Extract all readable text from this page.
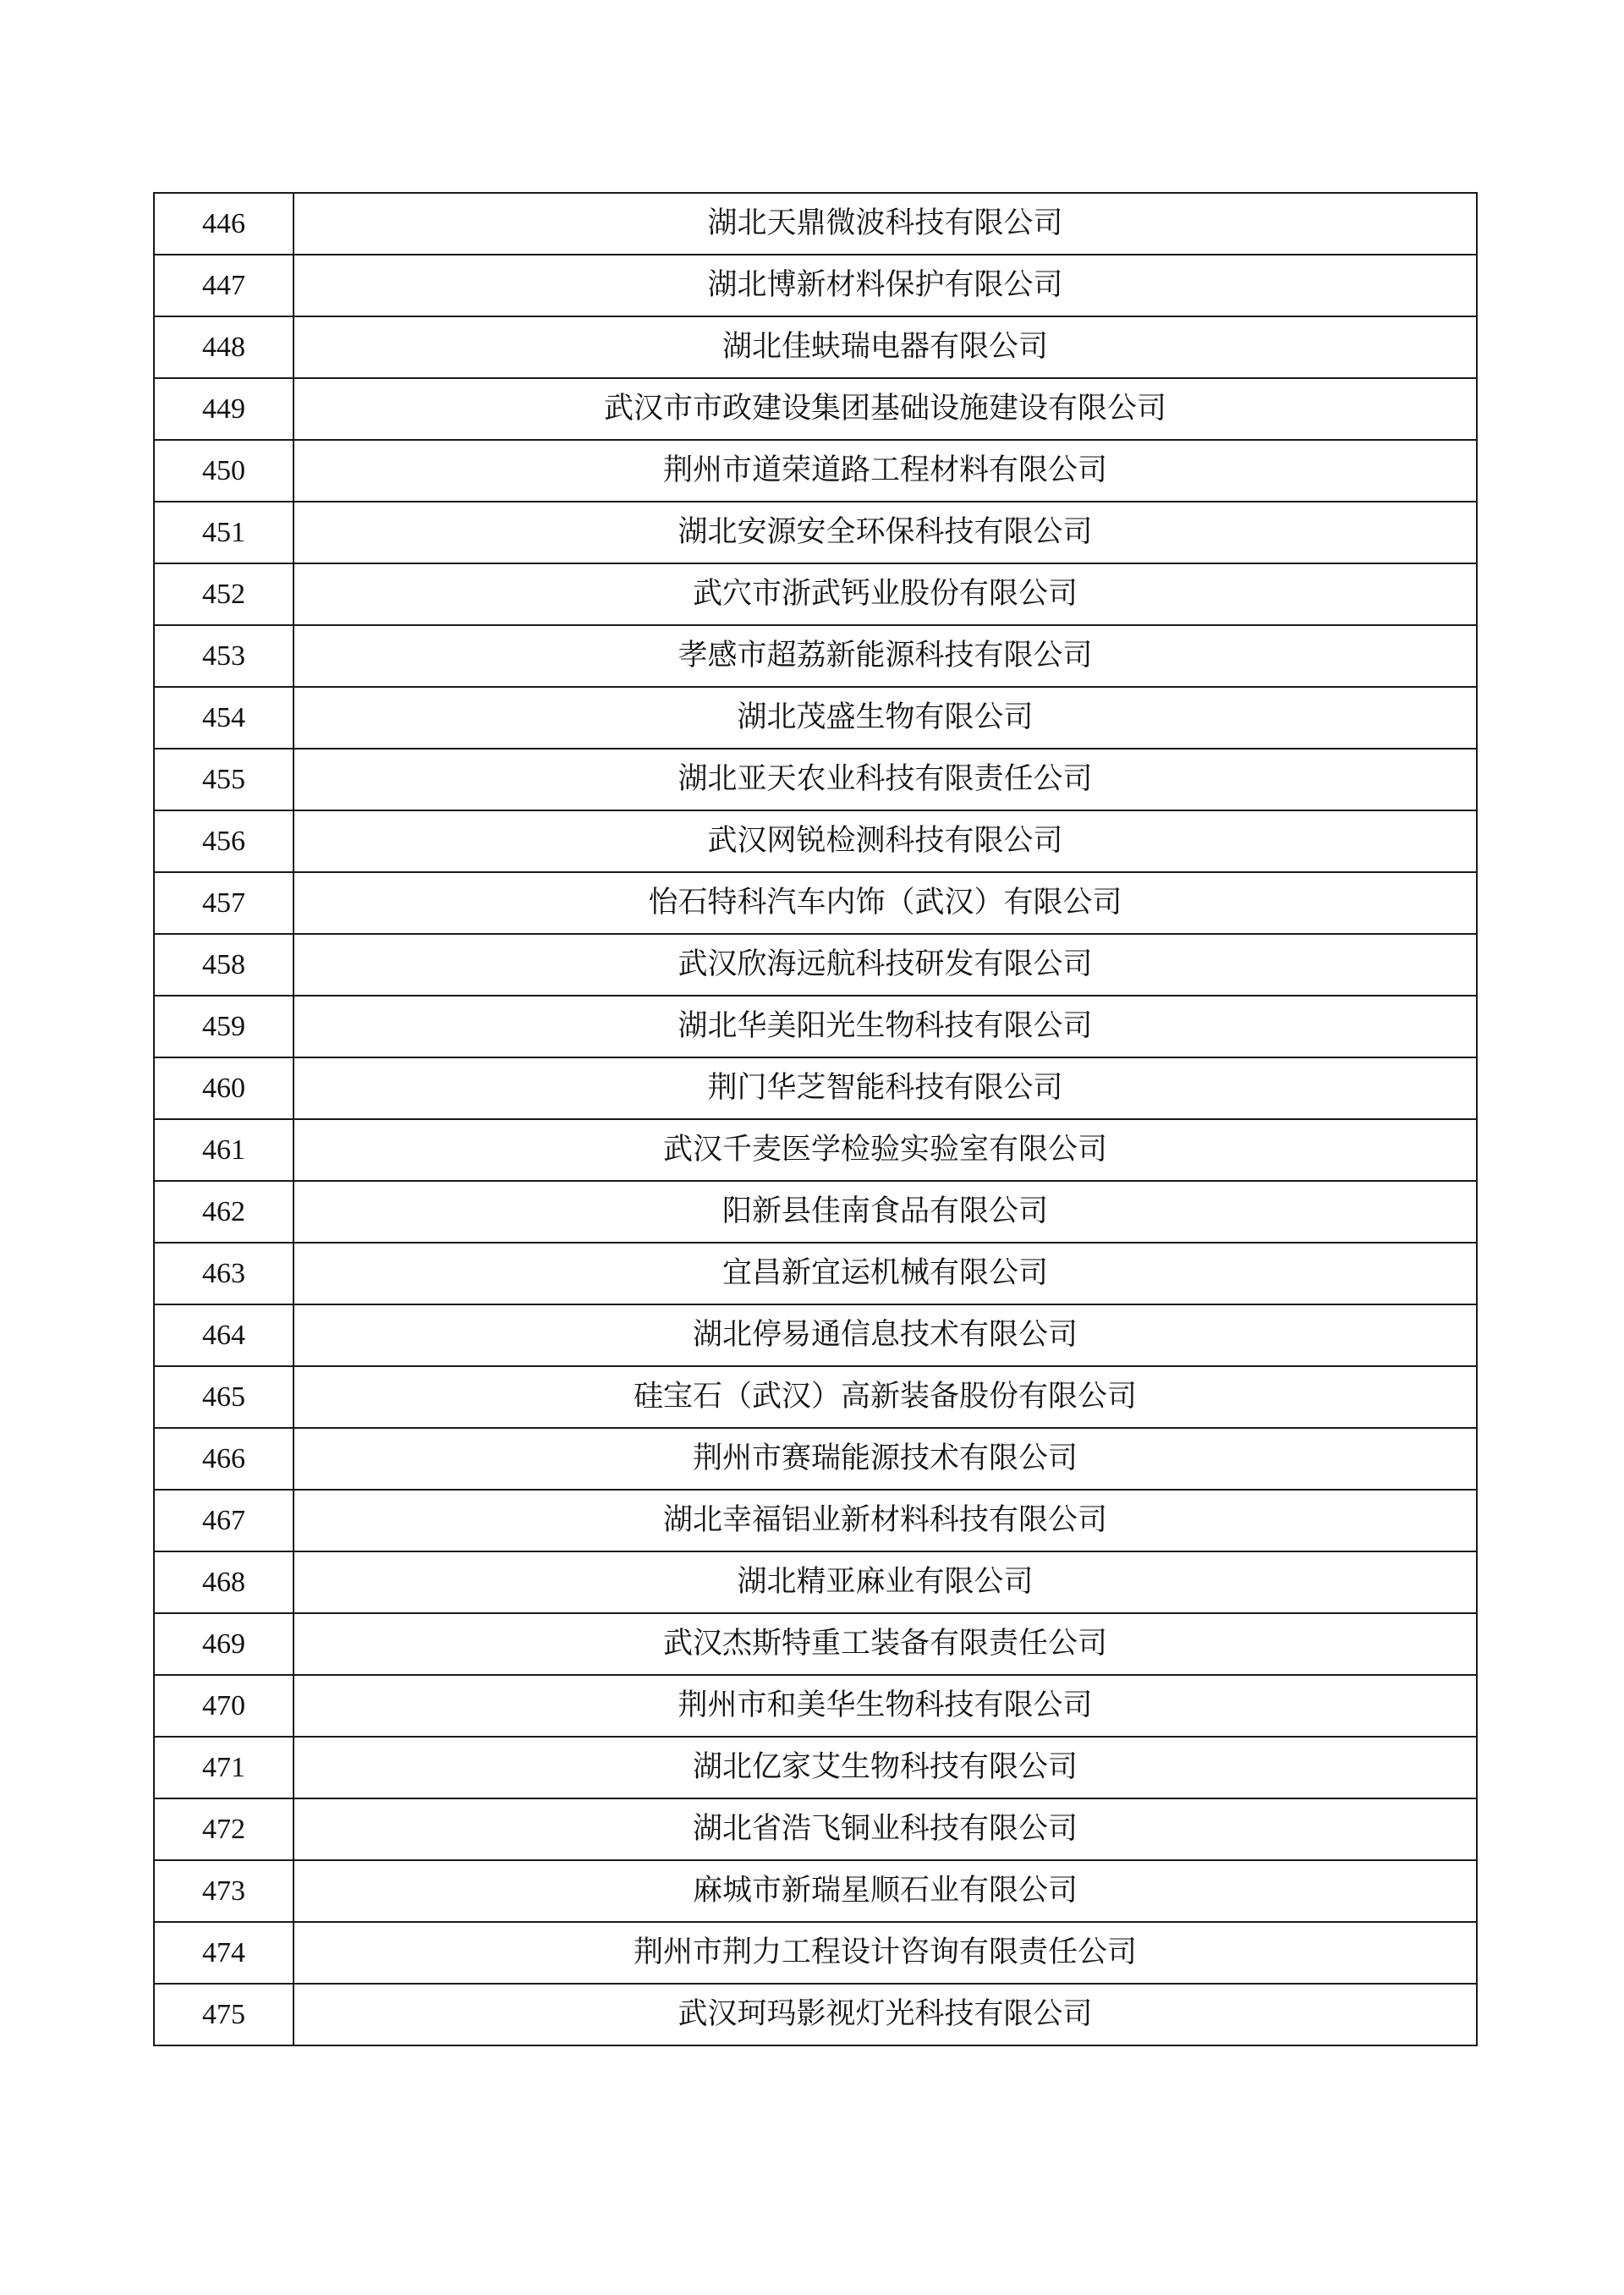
446	湖北天鼎微波科技有限公司
447	湖北博新材料保护有限公司
448	湖北佳蚨瑞电器有限公司
449	武汉市市政建设集团基础设施建设有限公司
450	荆州市道荣道路工程材料有限公司
451	湖北安源安全环保科技有限公司
452	武穴市浙武钙业股份有限公司
453	孝感市超荔新能源科技有限公司
454	湖北茂盛生物有限公司
455	湖北亚天农业科技有限责任公司
456	武汉网锐检测科技有限公司
457	怡石特科汽车内饰（武汉）有限公司
458	武汉欣海远航科技研发有限公司
459	湖北华美阳光生物科技有限公司
460	荆门华芝智能科技有限公司
461	武汉千麦医学检验实验室有限公司
462	阳新县佳南食品有限公司
463	宜昌新宜运机械有限公司
464	湖北停易通信息技术有限公司
465	硅宝石（武汉）高新装备股份有限公司
466	荆州市赛瑞能源技术有限公司
467	湖北幸福铝业新材料科技有限公司
468	湖北精亚麻业有限公司
469	武汉杰斯特重工装备有限责任公司
470	荆州市和美华生物科技有限公司
471	湖北亿家艾生物科技有限公司
472	湖北省浩飞铜业科技有限公司
473	麻城市新瑞星顺石业有限公司
474	荆州市荆力工程设计咨询有限责任公司
475	武汉珂玛影视灯光科技有限公司
